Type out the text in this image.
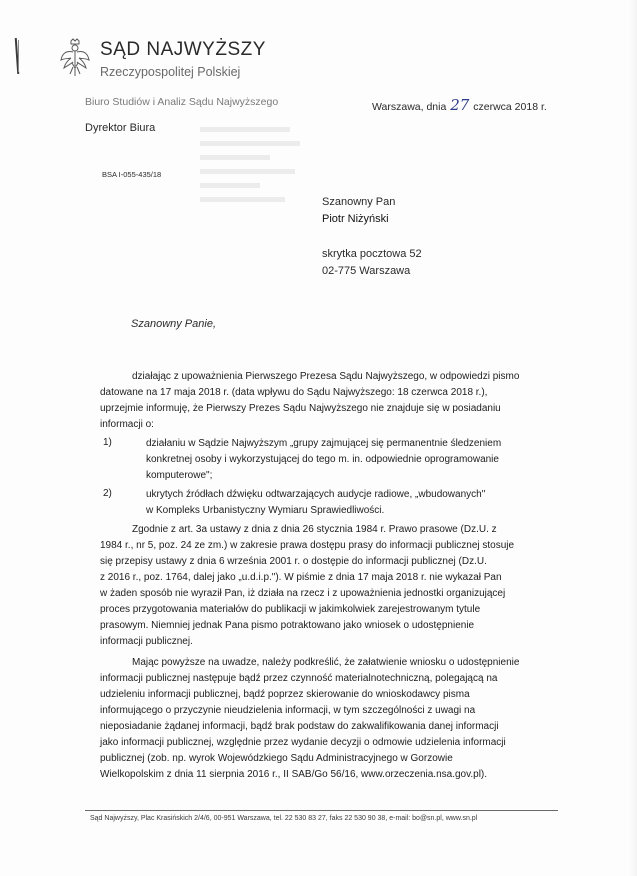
SĄD NAJWYŻSZY
Rzeczypospolitej Polskiej
Biuro Studiów i Analiz Sądu Najwyższego	Warszawa, dnia 27 czerwca 2018 r.
Dyrektor Biura
BSA I-055-435/18
Szanowny Pan
Piotr Niżyński
skrytka pocztowa 52
02-775 Warszawa
Szanowny Panie,
działając z upoważnienia Pierwszego Prezesa Sądu Najwyższego, w odpowiedzi pismo
datowane na 17 maja 2018 r. (data wpływu do Sądu Najwyższego: 18 czerwca 2018 r.),
uprzejmie informuję, że Pierwszy Prezes Sądu Najwyższego nie znajduje się w posiadaniu
informacji o:
1)	działaniu w Sądzie Najwyższym „grupy zajmującej się permanentnie śledzeniem
konkretnej osoby i wykorzystującej do tego m. in. odpowiednie oprogramowanie
komputerowe";
2)	ukrytych źródłach dźwięku odtwarzających audycje radiowe, „wbudowanych"
w Kompleks Urbanistyczny Wymiaru Sprawiedliwości.
Zgodnie z art. 3a ustawy z dnia z dnia 26 stycznia 1984 r. Prawo prasowe (Dz.U. z
1984 r., nr 5, poz. 24 ze zm.) w zakresie prawa dostępu prasy do informacji publicznej stosuje
się przepisy ustawy z dnia 6 września 2001 r. o dostępie do informacji publicznej (Dz.U.
z 2016 r., poz. 1764, dalej jako „u.d.i.p."). W piśmie z dnia 17 maja 2018 r. nie wykazał Pan
w żaden sposób nie wyraził Pan, iż działa na rzecz i z upoważnienia jednostki organizującej
proces przygotowania materiałów do publikacji w jakimkolwiek zarejestrowanym tytule
prasowym. Niemniej jednak Pana pismo potraktowano jako wniosek o udostępnienie
informacji publicznej.
Mając powyższe na uwadze, należy podkreślić, że załatwienie wniosku o udostępnienie
informacji publicznej następuje bądź przez czynność materialnotechniczną, polegającą na
udzieleniu informacji publicznej, bądź poprzez skierowanie do wnioskodawcy pisma
informującego o przyczynie nieudzielenia informacji, w tym szczególności z uwagi na
nieposiadanie żądanej informacji, bądź brak podstaw do zakwalifikowania danej informacji
jako informacji publicznej, względnie przez wydanie decyzji o odmowie udzielenia informacji
publicznej (zob. np. wyrok Wojewódzkiego Sądu Administracyjnego w Gorzowie
Wielkopolskim z dnia 11 sierpnia 2016 r., II SAB/Go 56/16, www.orzeczenia.nsa.gov.pl).
Sąd Najwyższy, Plac Krasińskich 2/4/6, 00-951 Warszawa, tel. 22 530 83 27, faks 22 530 90 38, e-mail: bo@sn.pl, www.sn.pl
